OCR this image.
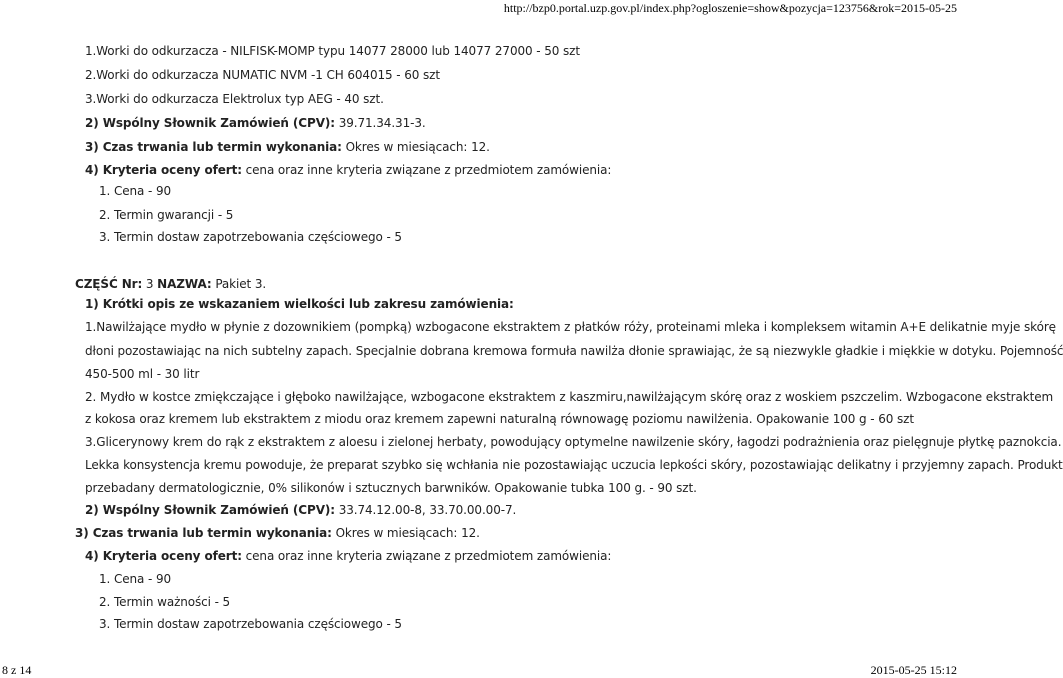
http://bzp0.portal.uzp.gov.pl/index.php?ogloszenie=show&pozycja=123756&rok=2015-05-25
1.Worki do odkurzacza - NILFISK-MOMP typu 14077 28000 lub 14077 27000 - 50 szt
2.Worki do odkurzacza NUMATIC NVM -1 CH 604015 - 60 szt
3.Worki do odkurzacza Elektrolux typ AEG - 40 szt.
2) Wspólny Słownik Zamówień (CPV): 39.71.34.31-3.
3) Czas trwania lub termin wykonania: Okres w miesiącach: 12.
4) Kryteria oceny ofert: cena oraz inne kryteria związane z przedmiotem zamówienia:
1. Cena - 90
2. Termin gwarancji - 5
3. Termin dostaw zapotrzebowania częściowego - 5
CZĘŚĆ Nr: 3 NAZWA: Pakiet 3.
1) Krótki opis ze wskazaniem wielkości lub zakresu zamówienia:
1.Nawilżające mydło w płynie z dozownikiem (pompką) wzbogacone ekstraktem z płatków róży, proteinami mleka i kompleksem witamin A+E delikatnie myje skórę
dłoni pozostawiając na nich subtelny zapach. Specjalnie dobrana kremowa formuła nawilża dłonie sprawiając, że są niezwykle gładkie i miękkie w dotyku. Pojemność
450-500 ml - 30 litr
2. Mydło w kostce zmiękczające i głęboko nawilżające, wzbogacone ekstraktem z kaszmiru,nawilżającym skórę oraz z woskiem pszczelim. Wzbogacone ekstraktem
z kokosa oraz kremem lub ekstraktem z miodu oraz kremem zapewni naturalną równowagę poziomu nawilżenia. Opakowanie 100 g - 60 szt
3.Glicerynowy krem do rąk z ekstraktem z aloesu i zielonej herbaty, powodujący optymelne nawilzenie skóry, łagodzi podrażnienia oraz pielęgnuje płytkę paznokcia.
Lekka konsystencja kremu powoduje, że preparat szybko się wchłania nie pozostawiając uczucia lepkości skóry, pozostawiając delikatny i przyjemny zapach. Produkt
przebadany dermatologicznie, 0% silikonów i sztucznych barwników. Opakowanie tubka 100 g. - 90 szt.
2) Wspólny Słownik Zamówień (CPV): 33.74.12.00-8, 33.70.00.00-7.
3) Czas trwania lub termin wykonania: Okres w miesiącach: 12.
4) Kryteria oceny ofert: cena oraz inne kryteria związane z przedmiotem zamówienia:
1. Cena - 90
2. Termin ważności - 5
3. Termin dostaw zapotrzebowania częściowego - 5
8 z 14	2015-05-25 15:12
